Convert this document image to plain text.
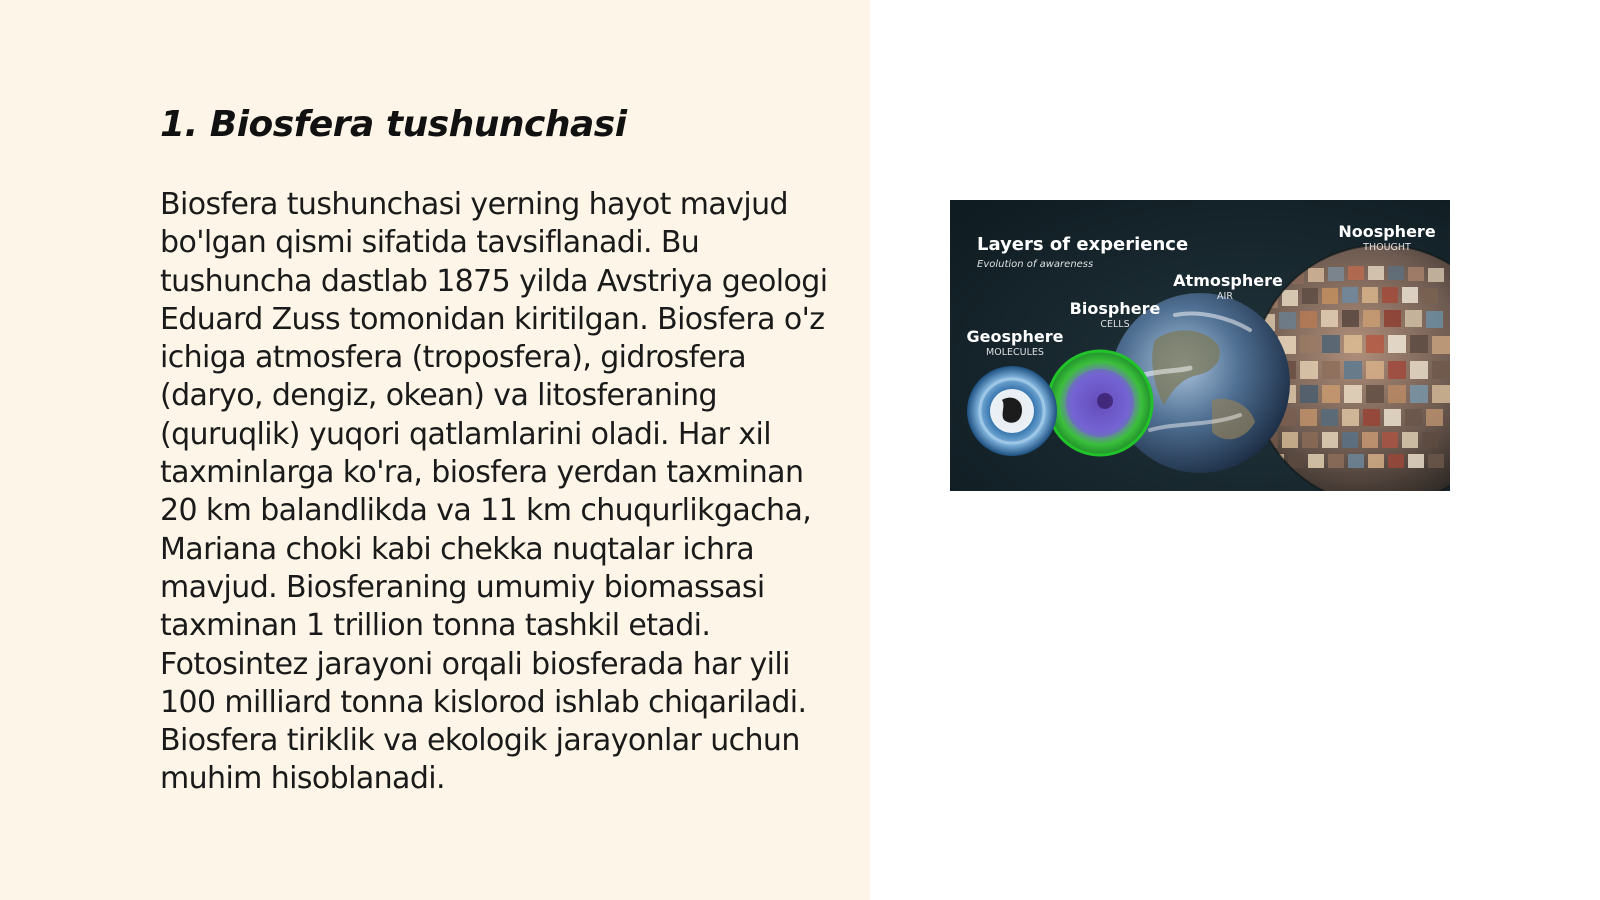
1. Biosfera tushunchasi

Biosfera tushunchasi yerning hayot mavjud bo'lgan qismi sifatida tavsiflanadi. Bu tushuncha dastlab 1875 yilda Avstriya geologi Eduard Zuss tomonidan kiritilgan. Biosfera o'z ichiga atmosfera (troposfera), gidrosfera (daryo, dengiz, okean) va litosferaning (quruqlik) yuqori qatlamlarini oladi. Har xil taxminlarga ko'ra, biosfera yerdan taxminan 20 km balandlikda va 11 km chuqurlikgacha, Mariana choki kabi chekka nuqtalar ichra mavjud. Biosferaning umumiy biomassasi taxminan 1 trillion tonna tashkil etadi. Fotosintez jarayoni orqali biosferada har yili 100 milliard tonna kislorod ishlab chiqariladi. Biosfera tiriklik va ekologik jarayonlar uchun muhim hisoblanadi.

Layers of experience
Evolution of awareness
Geosphere
MOLECULES
Biosphere
CELLS
Atmosphere
AIR
Noosphere
THOUGHT
